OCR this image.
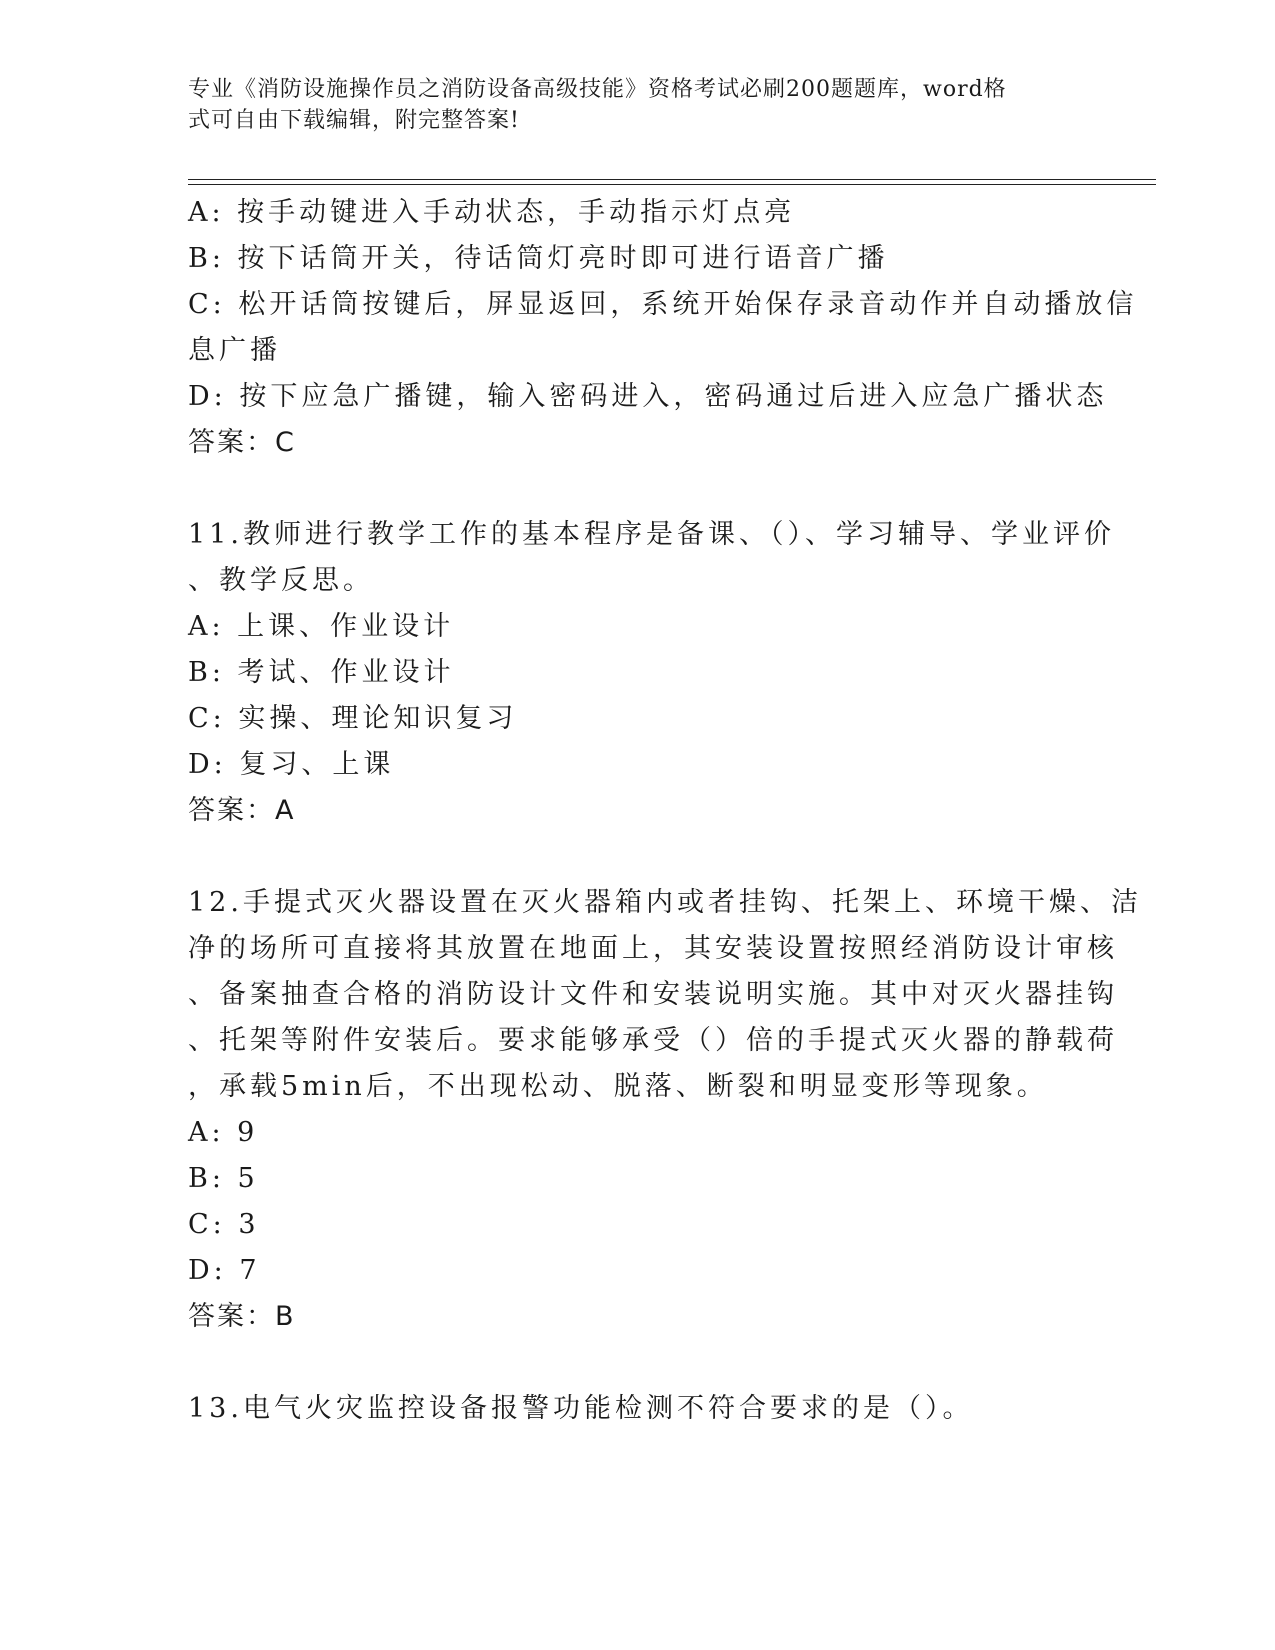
专业《消防设施操作员之消防设备高级技能》资格考试必刷200题题库，word格
式可自由下载编辑，附完整答案!
A: 按手动键进入手动状态，手动指示灯点亮
B: 按下话筒开关，待话筒灯亮时即可进行语音广播
C: 松开话筒按键后，屏显返回，系统开始保存录音动作并自动播放信
息广播
D: 按下应急广播键，输入密码进入，密码通过后进入应急广播状态
答案：C
11.教师进行教学工作的基本程序是备课、（）、学习辅导、学业评价
、教学反思。
A: 上课、作业设计
B: 考试、作业设计
C: 实操、理论知识复习
D: 复习、上课
答案：A
12.手提式灭火器设置在灭火器箱内或者挂钩、托架上、环境干燥、洁
净的场所可直接将其放置在地面上，其安装设置按照经消防设计审核
、备案抽查合格的消防设计文件和安装说明实施。其中对灭火器挂钩
、托架等附件安装后。要求能够承受（）倍的手提式灭火器的静载荷
，承载5min后，不出现松动、脱落、断裂和明显变形等现象。
A: 9
B: 5
C: 3
D: 7
答案：B
13.电气火灾监控设备报警功能检测不符合要求的是（）。
